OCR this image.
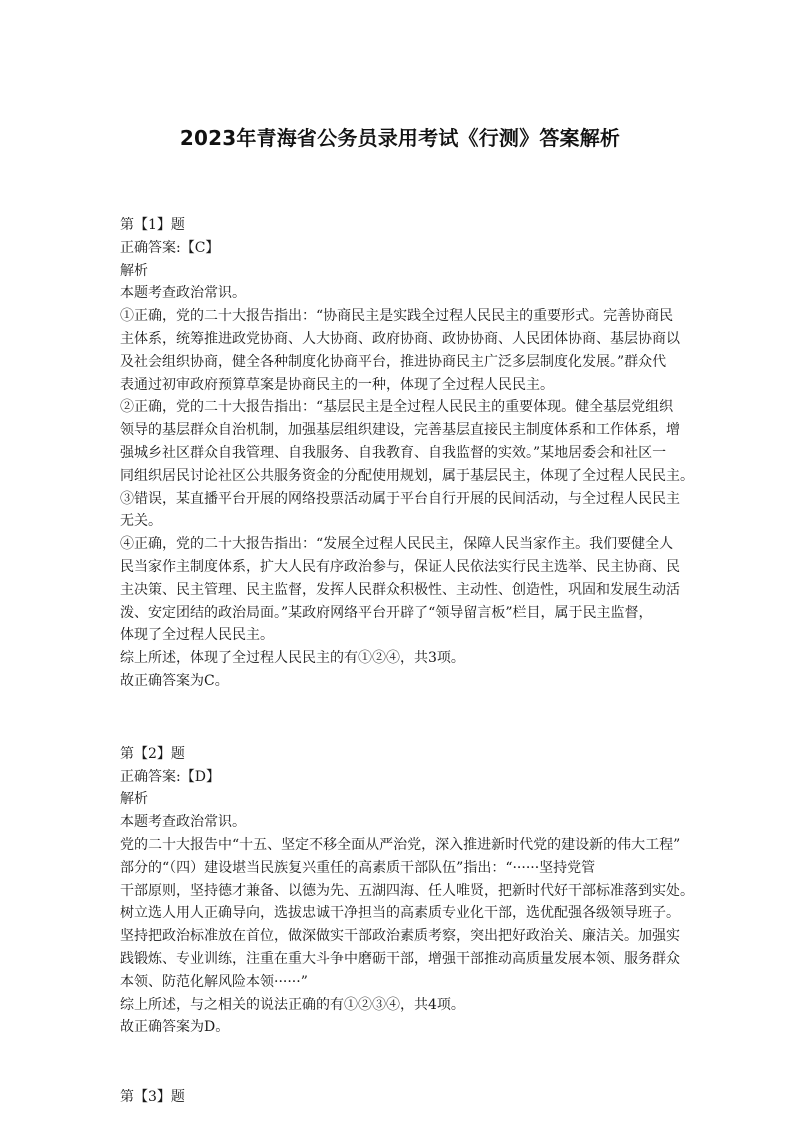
2023年青海省公务员录用考试《行测》答案解析
第【1】题
正确答案:【C】
解析
本题考查政治常识。
①正确，党的二十大报告指出：“协商民主是实践全过程人民民主的重要形式。完善协商民
主体系，统筹推进政党协商、人大协商、政府协商、政协协商、人民团体协商、基层协商以
及社会组织协商，健全各种制度化协商平台，推进协商民主广泛多层制度化发展。”群众代
表通过初审政府预算草案是协商民主的一种，体现了全过程人民民主。
②正确，党的二十大报告指出：“基层民主是全过程人民民主的重要体现。健全基层党组织
领导的基层群众自治机制，加强基层组织建设，完善基层直接民主制度体系和工作体系，增
强城乡社区群众自我管理、自我服务、自我教育、自我监督的实效。”某地居委会和社区一
同组织居民讨论社区公共服务资金的分配使用规划，属于基层民主，体现了全过程人民民主。
③错误，某直播平台开展的网络投票活动属于平台自行开展的民间活动，与全过程人民民主
无关。
④正确，党的二十大报告指出：“发展全过程人民民主，保障人民当家作主。我们要健全人
民当家作主制度体系，扩大人民有序政治参与，保证人民依法实行民主选举、民主协商、民
主决策、民主管理、民主监督，发挥人民群众积极性、主动性、创造性，巩固和发展生动活
泼、安定团结的政治局面。”某政府网络平台开辟了“领导留言板”栏目，属于民主监督，
体现了全过程人民民主。
综上所述，体现了全过程人民民主的有①②④，共3项。
故正确答案为C。
第【2】题
正确答案:【D】
解析
本题考查政治常识。
党的二十大报告中“十五、坚定不移全面从严治党，深入推进新时代党的建设新的伟大工程”
部分的“（四）建设堪当民族复兴重任的高素质干部队伍”指出：“······坚持党管
干部原则，坚持德才兼备、以德为先、五湖四海、任人唯贤，把新时代好干部标准落到实处。
树立选人用人正确导向，选拔忠诚干净担当的高素质专业化干部，选优配强各级领导班子。
坚持把政治标准放在首位，做深做实干部政治素质考察，突出把好政治关、廉洁关。加强实
践锻炼、专业训练，注重在重大斗争中磨砺干部，增强干部推动高质量发展本领、服务群众
本领、防范化解风险本领······”
综上所述，与之相关的说法正确的有①②③④，共4项。
故正确答案为D。
第【3】题
